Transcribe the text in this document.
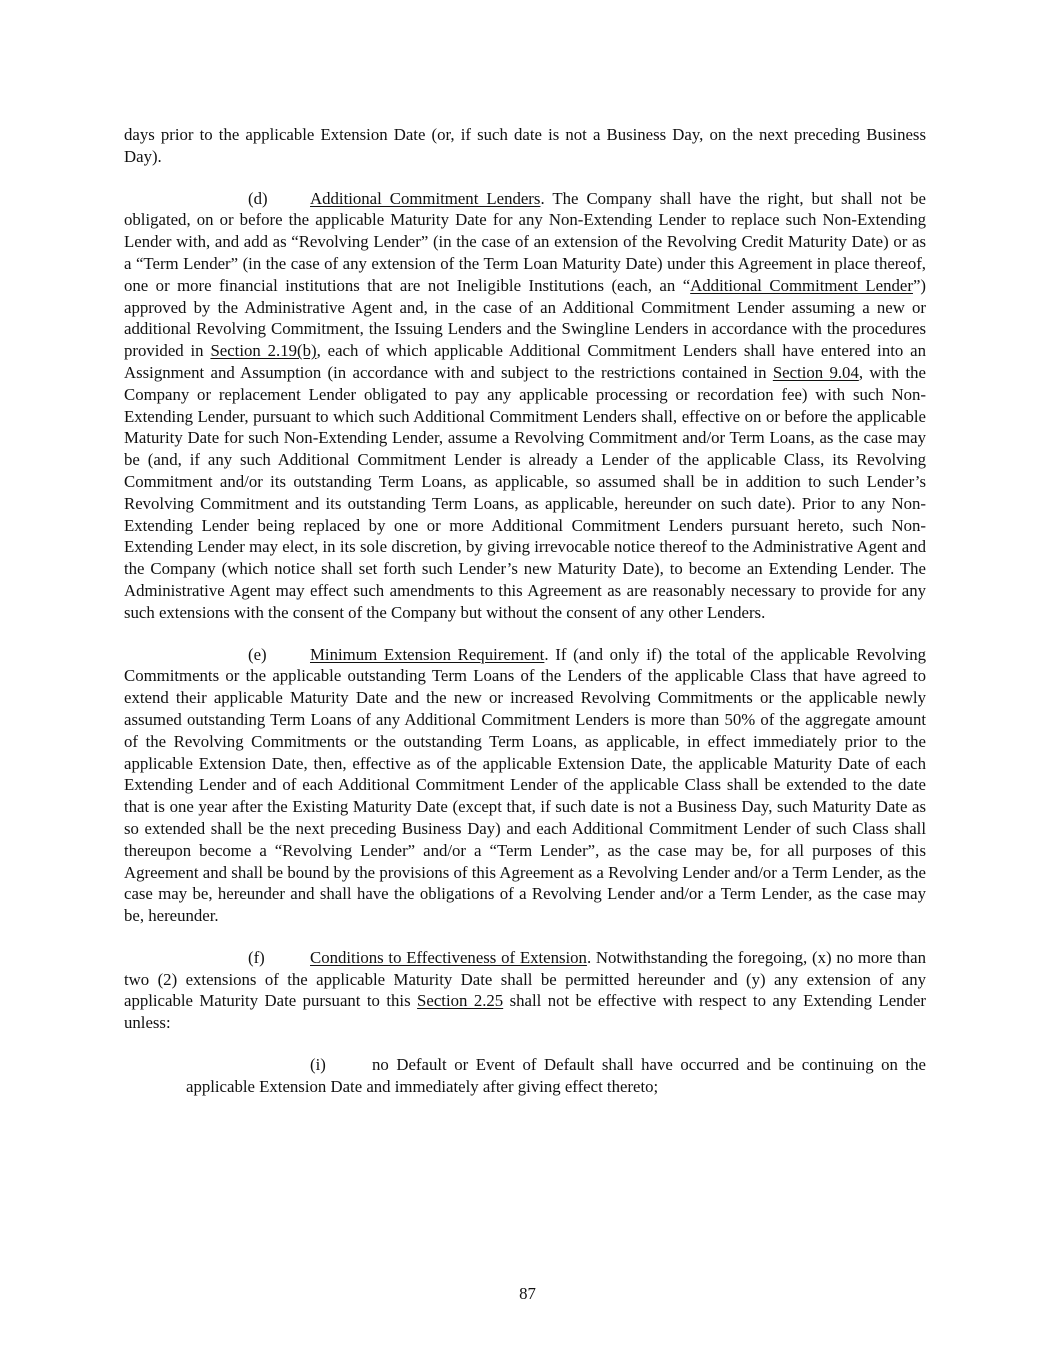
days prior to the applicable Extension Date (or, if such date is not a Business Day, on the next preceding Business Day).

(d)	Additional Commitment Lenders. The Company shall have the right, but shall not be obligated, on or before the applicable Maturity Date for any Non-Extending Lender to replace such Non-Extending Lender with, and add as “Revolving Lender” (in the case of an extension of the Revolving Credit Maturity Date) or as a “Term Lender” (in the case of any extension of the Term Loan Maturity Date) under this Agreement in place thereof, one or more financial institutions that are not Ineligible Institutions (each, an “Additional Commitment Lender”) approved by the Administrative Agent and, in the case of an Additional Commitment Lender assuming a new or additional Revolving Commitment, the Issuing Lenders and the Swingline Lenders in accordance with the procedures provided in Section 2.19(b), each of which applicable Additional Commitment Lenders shall have entered into an Assignment and Assumption (in accordance with and subject to the restrictions contained in Section 9.04, with the Company or replacement Lender obligated to pay any applicable processing or recordation fee) with such Non-Extending Lender, pursuant to which such Additional Commitment Lenders shall, effective on or before the applicable Maturity Date for such Non-Extending Lender, assume a Revolving Commitment and/or Term Loans, as the case may be (and, if any such Additional Commitment Lender is already a Lender of the applicable Class, its Revolving Commitment and/or its outstanding Term Loans, as applicable, so assumed shall be in addition to such Lender’s Revolving Commitment and its outstanding Term Loans, as applicable, hereunder on such date). Prior to any Non-Extending Lender being replaced by one or more Additional Commitment Lenders pursuant hereto, such Non-Extending Lender may elect, in its sole discretion, by giving irrevocable notice thereof to the Administrative Agent and the Company (which notice shall set forth such Lender’s new Maturity Date), to become an Extending Lender. The Administrative Agent may effect such amendments to this Agreement as are reasonably necessary to provide for any such extensions with the consent of the Company but without the consent of any other Lenders.

(e)	Minimum Extension Requirement. If (and only if) the total of the applicable Revolving Commitments or the applicable outstanding Term Loans of the Lenders of the applicable Class that have agreed to extend their applicable Maturity Date and the new or increased Revolving Commitments or the applicable newly assumed outstanding Term Loans of any Additional Commitment Lenders is more than 50% of the aggregate amount of the Revolving Commitments or the outstanding Term Loans, as applicable, in effect immediately prior to the applicable Extension Date, then, effective as of the applicable Extension Date, the applicable Maturity Date of each Extending Lender and of each Additional Commitment Lender of the applicable Class shall be extended to the date that is one year after the Existing Maturity Date (except that, if such date is not a Business Day, such Maturity Date as so extended shall be the next preceding Business Day) and each Additional Commitment Lender of such Class shall thereupon become a “Revolving Lender” and/or a “Term Lender”, as the case may be, for all purposes of this Agreement and shall be bound by the provisions of this Agreement as a Revolving Lender and/or a Term Lender, as the case may be, hereunder and shall have the obligations of a Revolving Lender and/or a Term Lender, as the case may be, hereunder.

(f)	Conditions to Effectiveness of Extension. Notwithstanding the foregoing, (x) no more than two (2) extensions of the applicable Maturity Date shall be permitted hereunder and (y) any extension of any applicable Maturity Date pursuant to this Section 2.25 shall not be effective with respect to any Extending Lender unless:

(i)	no Default or Event of Default shall have occurred and be continuing on the applicable Extension Date and immediately after giving effect thereto;

87
